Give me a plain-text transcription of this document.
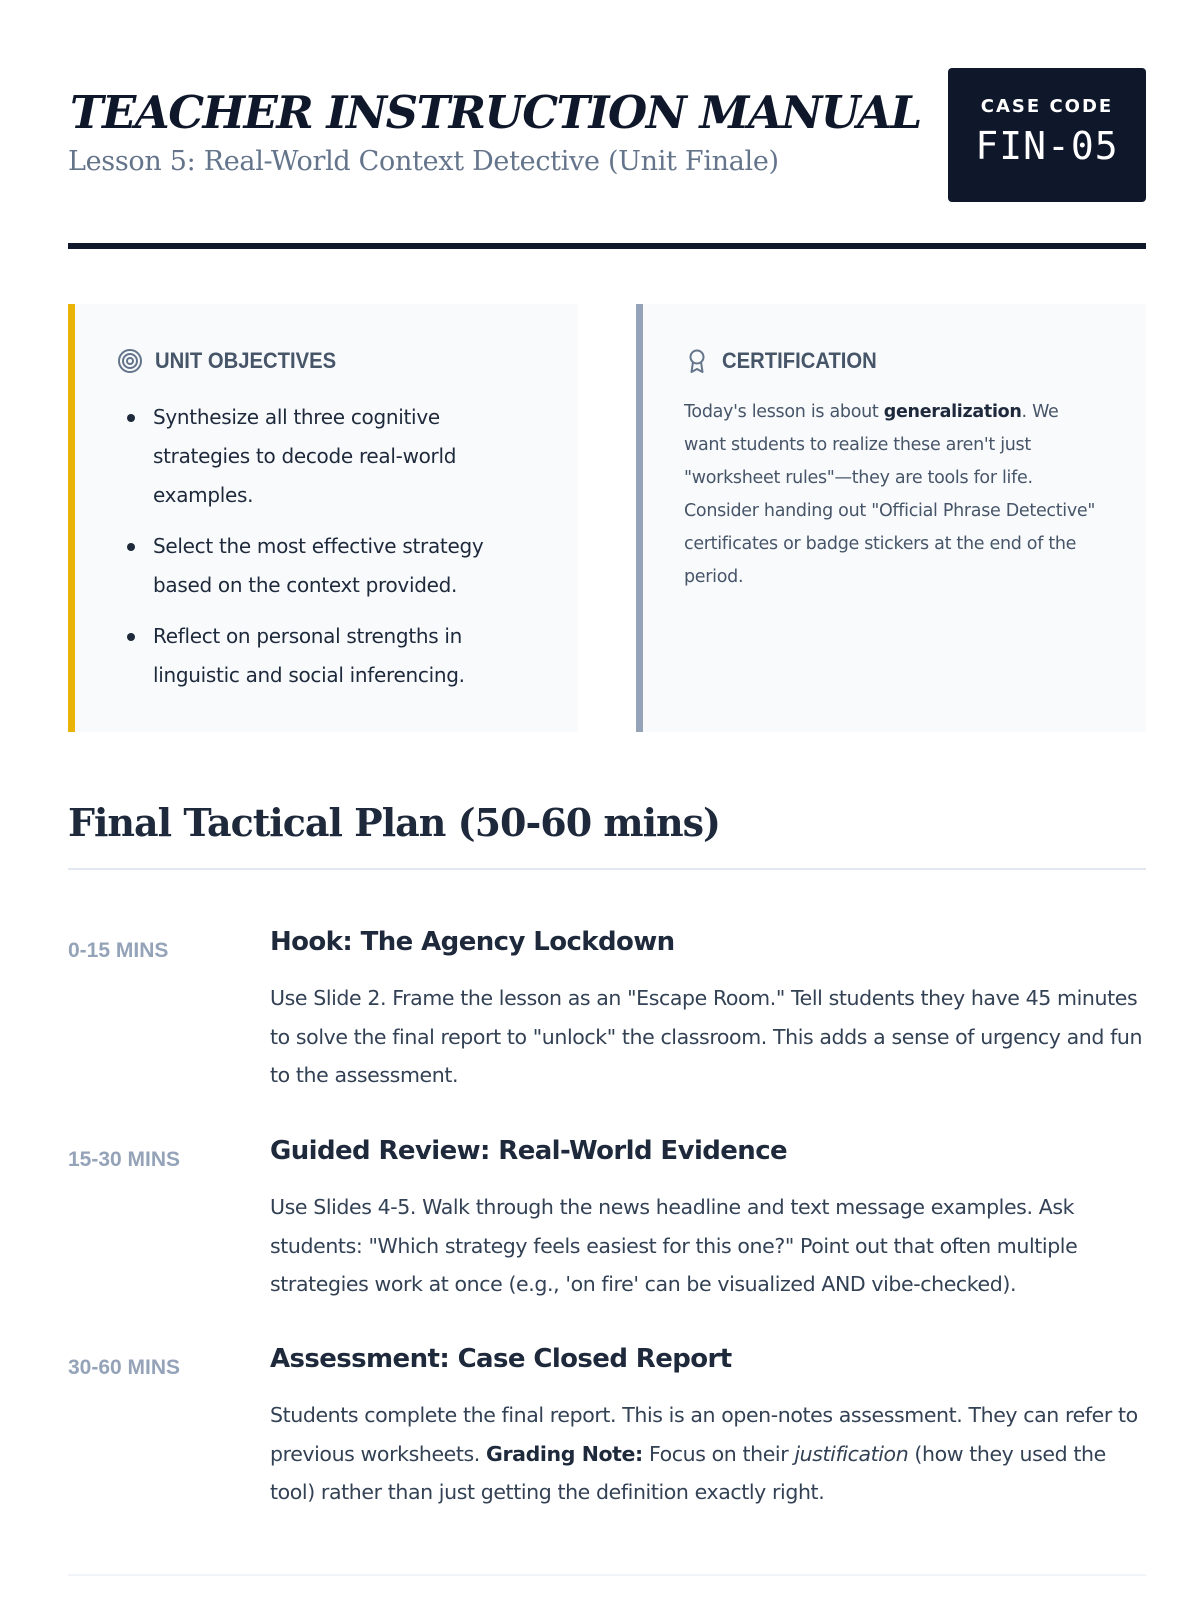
TEACHER INSTRUCTION MANUAL
Lesson 5: Real-World Context Detective (Unit Finale)
CASE CODE
FIN-05
UNIT OBJECTIVES
Synthesize all three cognitive strategies to decode real-world examples.
Select the most effective strategy based on the context provided.
Reflect on personal strengths in linguistic and social inferencing.
CERTIFICATION

Today's lesson is about generalization. We want students to realize these aren't just "worksheet rules"—they are tools for life. Consider handing out "Official Phrase Detective" certificates or badge stickers at the end of the period.

Final Tactical Plan (50-60 mins)
0-15 MINS	Hook: The Agency Lockdown

Use Slide 2. Frame the lesson as an "Escape Room." Tell students they have 45 minutes to solve the final report to "unlock" the classroom. This adds a sense of urgency and fun to the assessment.

15-30 MINS	Guided Review: Real-World Evidence

Use Slides 4-5. Walk through the news headline and text message examples. Ask students: "Which strategy feels easiest for this one?" Point out that often multiple strategies work at once (e.g., 'on fire' can be visualized AND vibe-checked).

30-60 MINS	Assessment: Case Closed Report

Students complete the final report. This is an open-notes assessment. They can refer to previous worksheets. Grading Note: Focus on their justification (how they used the tool) rather than just getting the definition exactly right.
